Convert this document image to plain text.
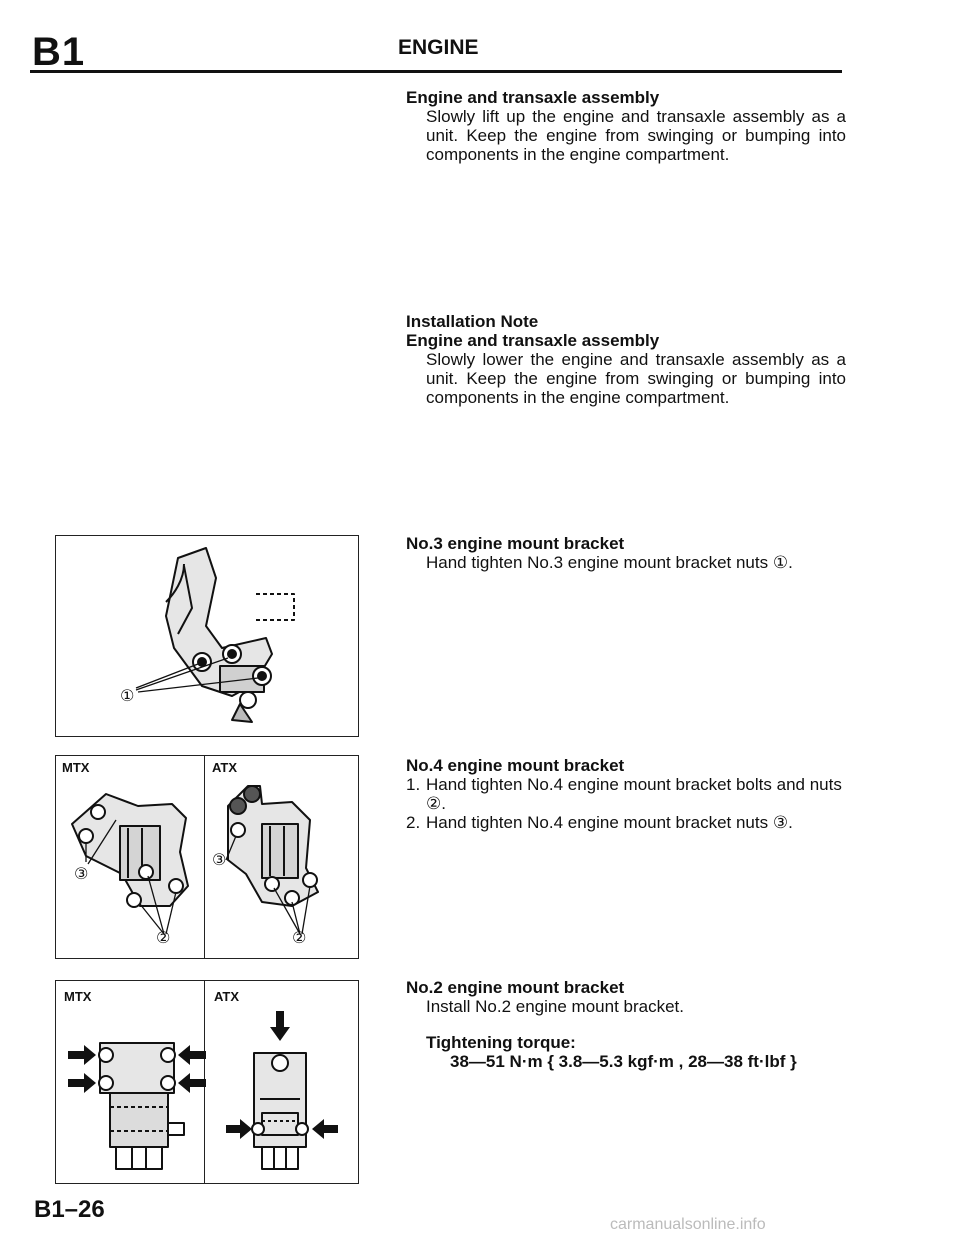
B1	ENGINE
Engine and transaxle assembly
Slowly lift up the engine and transaxle assembly as a unit. Keep the engine from swinging or bumping into components in the engine compartment.
Installation Note
Engine and transaxle assembly
Slowly lower the engine and transaxle assembly as a unit. Keep the engine from swinging or bumping into components in the engine compartment.
No.3 engine mount bracket
Hand tighten No.3 engine mount bracket nuts ①.
No.4 engine mount bracket
1. Hand tighten No.4 engine mount bracket bolts and nuts ②.
2. Hand tighten No.4 engine mount bracket nuts ③.
No.2 engine mount bracket
Install No.2 engine mount bracket.
Tightening torque:
38—51 N·m { 3.8—5.3 kgf·m , 28—38 ft·lbf }
①
MTX	ATX
③
②
③
②
MTX	ATX
B1–26
carmanualsonline.info
